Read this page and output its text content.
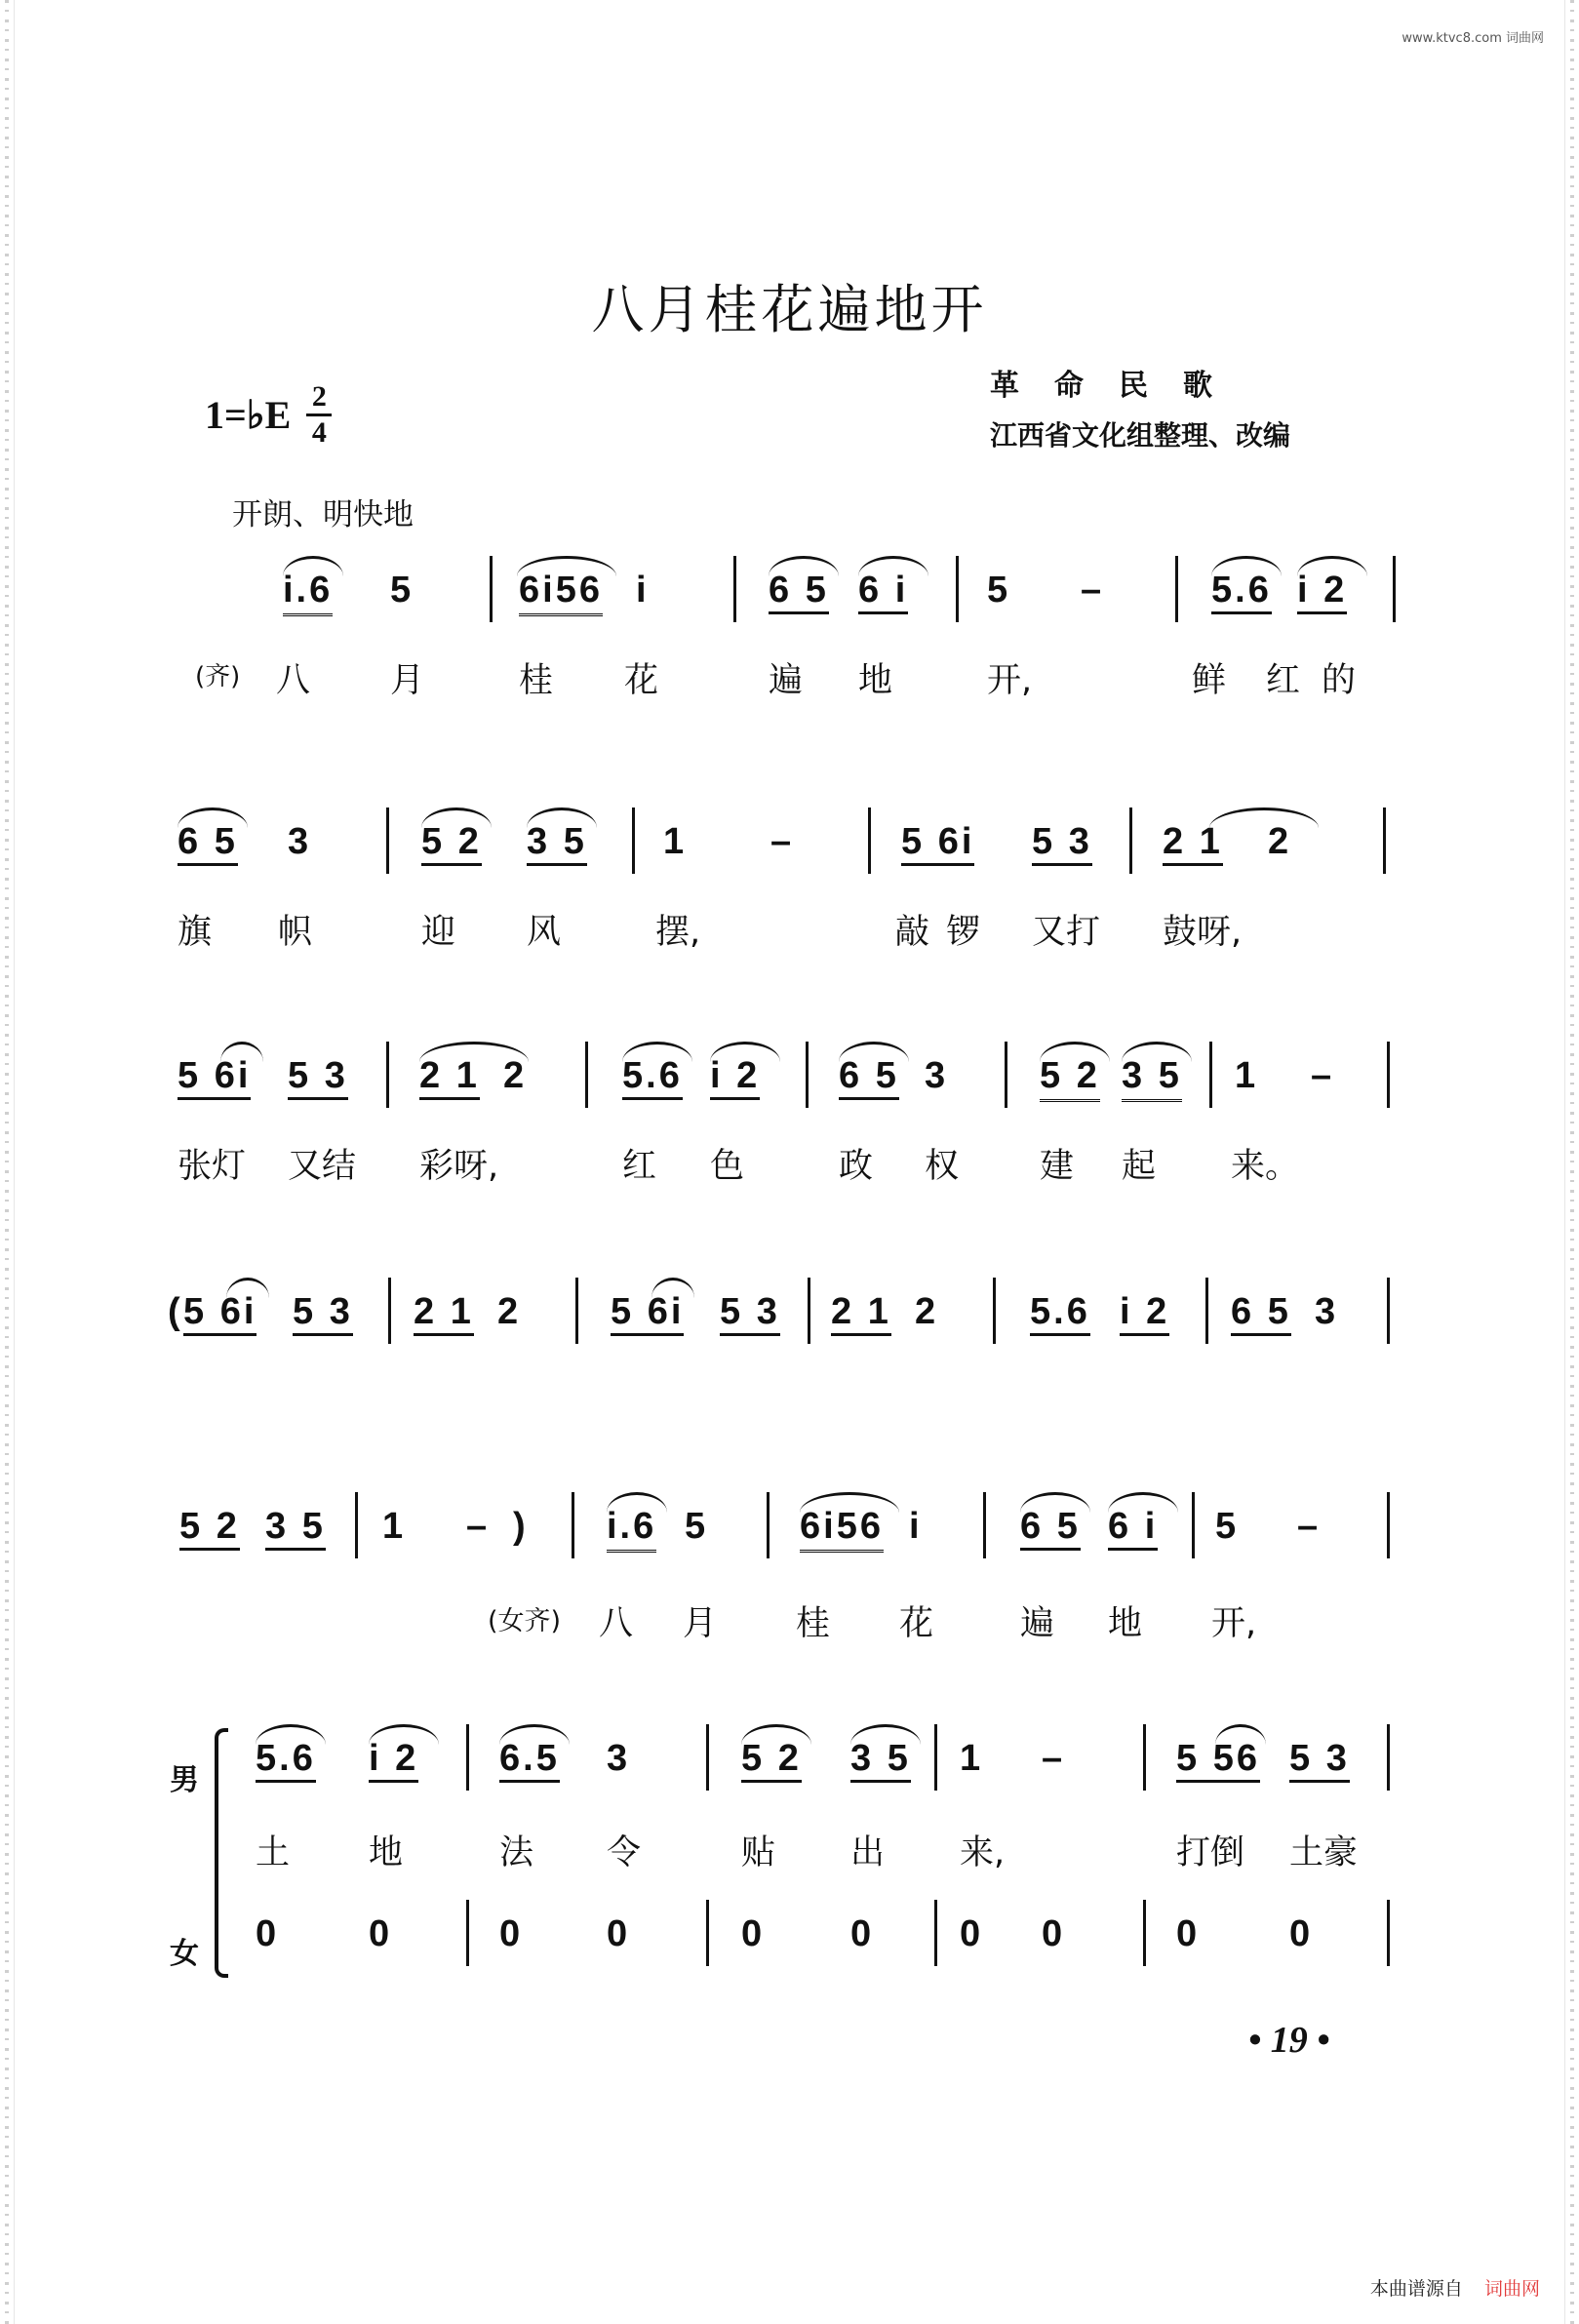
www.ktvc8.com 词曲网
八月桂花遍地开
1=♭E 2
4
革命民歌
江西省文化组整理、改编
开朗、明快地
i.6 5	6i56 i	6 5 6 i 5 –	5.6 i 2
(齐) 八 月	桂 花	遍 地	开,	鲜 红 的
6 5 3	5 2 3 5 1 –	5 6i 5 3 2 1 2
旗 帜	迎 风	摆,	敲 锣 又打 鼓呀,
5 6i 5 3 2 1 2	5.6 i 2 6 5 3 5 2 3 5 1 –
张灯 又结 彩呀,	红 色	政 权 建 起 来。
( 5 6i 5 3 2 1 2 5 6i 5 3 2 1 2 5.6 i 2 6 5 3
5 2 3 5 1 – ) i.6 5 6i56 i	6 5 6 i 5 –
(女齐) 八 月 桂 花	遍 地 开,
男
女
5.6 i 2 6.5 3	5 2 3 5 1 –	5 56 5 3
土 地	法 令	贴 出 来,	打倒 土豪
0 0	0 0	0 0 0 0	0 0
• 19 •
本曲谱源自 词曲网
